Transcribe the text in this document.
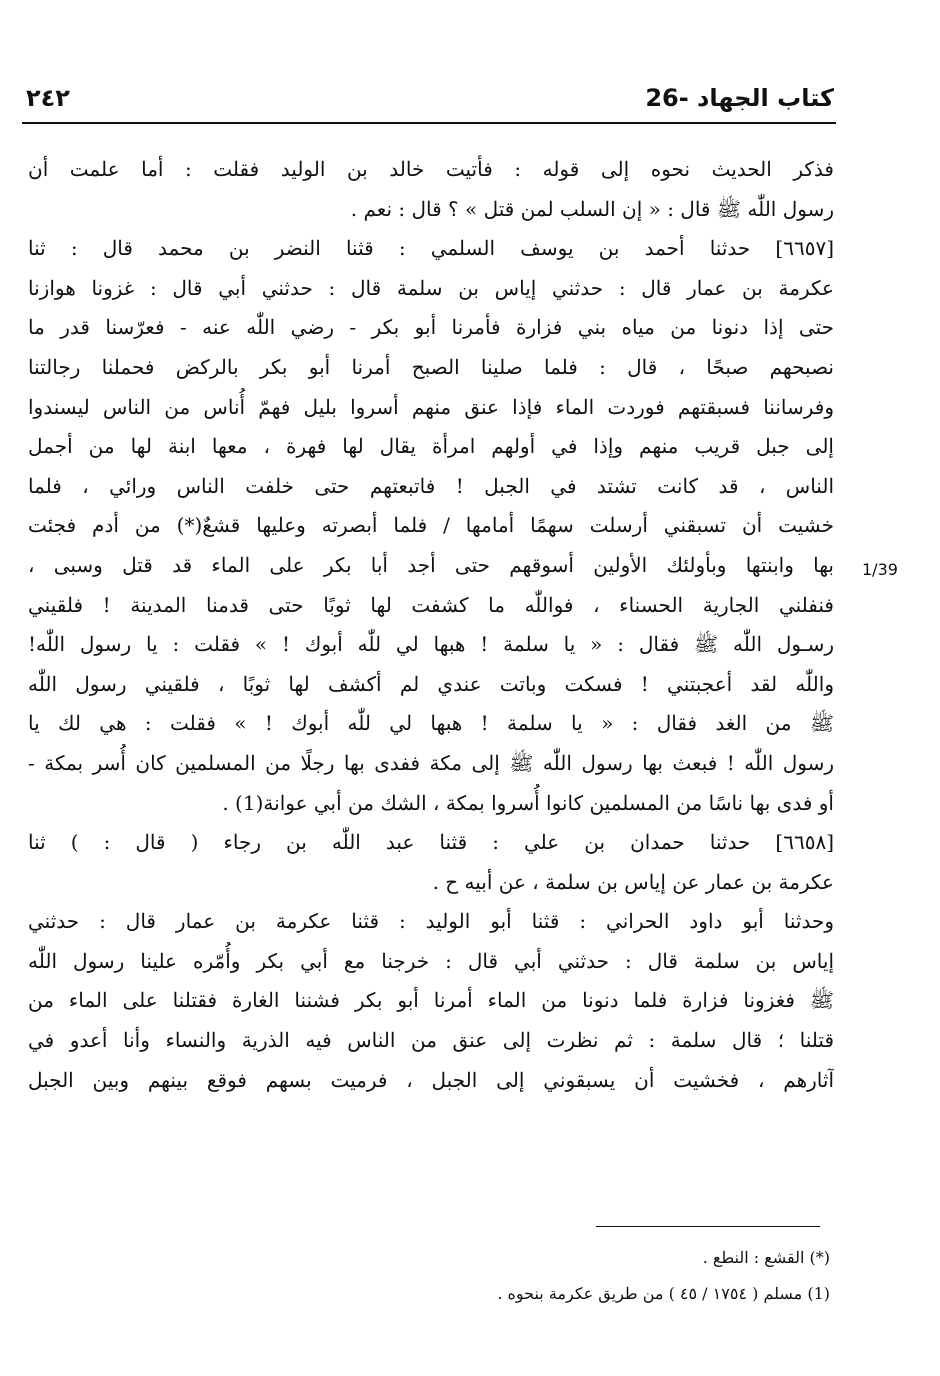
٢٤٢	26- كتاب الجهاد
1/39
فذكر الحديث نحوه إلى قوله : فأتيت خالد بن الوليد فقلت : أما علمت أن
رسول اللّٰه ﷺ قال : « إن السلب لمن قتل » ؟ قال : نعم .
[٦٦٥٧] حدثنا أحمد بن يوسف السلمي : قثنا النضر بن محمد قال : ثنا
عكرمة بن عمار قال : حدثني إياس بن سلمة قال : حدثني أبي قال : غزونا هوازنا
حتى إذا دنونا من مياه بني فزارة فأمرنا أبو بكر - رضي اللّٰه عنه - فعرّسنا قدر ما
نصبحهم صبحًا ، قال : فلما صلينا الصبح أمرنا أبو بكر بالركض فحملنا رجالتنا
وفرساننا فسبقتهم فوردت الماء فإذا عنق منهم أسروا بليل فهمّ أُناس من الناس ليسندوا
إلى جبل قريب منهم وإذا في أولهم امرأة يقال لها فهرة ، معها ابنة لها من أجمل
الناس ، قد كانت تشتد في الجبل ! فاتبعتهم حتى خلفت الناس ورائي ، فلما
خشيت أن تسبقني أرسلت سهمًا أمامها / فلما أبصرته وعليها قشعٌ(*) من أدم فجئت
بها وابنتها وبأولئك الأولين أسوقهم حتى أجد أبا بكر على الماء قد قتل وسبى ،
فنفلني الجارية الحسناء ، فواللّٰه ما كشفت لها ثوبًا حتى قدمنا المدينة ! فلقيني
رسـول اللّٰه ﷺ فقال : « يا سلمة ! هبها لي للّٰه أبوك ! » فقلت : يا رسول اللّٰه!
واللّٰه لقد أعجبتني ! فسكت وباتت عندي لم أكشف لها ثوبًا ، فلقيني رسول اللّٰه
ﷺ من الغد فقال : « يا سلمة ! هبها لي للّٰه أبوك ! » فقلت : هي لك يا
رسول اللّٰه ! فبعث بها رسول اللّٰه ﷺ إلى مكة ففدى بها رجلًا من المسلمين كان أُسر بمكة -
أو فدى بها ناسًا من المسلمين كانوا أُسروا بمكة ، الشك من أبي عوانة(1) .
[٦٦٥٨] حدثنا حمدان بن علي : قثنا عبد اللّٰه بن رجاء ( قال : ) ثنا
عكرمة بن عمار عن إياس بن سلمة ، عن أبيه ح .
وحدثنا أبو داود الحراني : قثنا أبو الوليد : قثنا عكرمة بن عمار قال : حدثني
إياس بن سلمة قال : حدثني أبي قال : خرجنا مع أبي بكر وأُمّره علينا رسول اللّٰه
ﷺ فغزونا فزارة فلما دنونا من الماء أمرنا أبو بكر فشننا الغارة فقتلنا على الماء من
قتلنا ؛ قال سلمة : ثم نظرت إلى عنق من الناس فيه الذرية والنساء وأنا أعدو في
آثارهم ، فخشيت أن يسبقوني إلى الجبل ، فرميت بسهم فوقع بينهم وبين الجبل
(*) القشع : النطع .
(1) مسلم ( ١٧٥٤ / ٤٥ ) من طريق عكرمة بنحوه .
